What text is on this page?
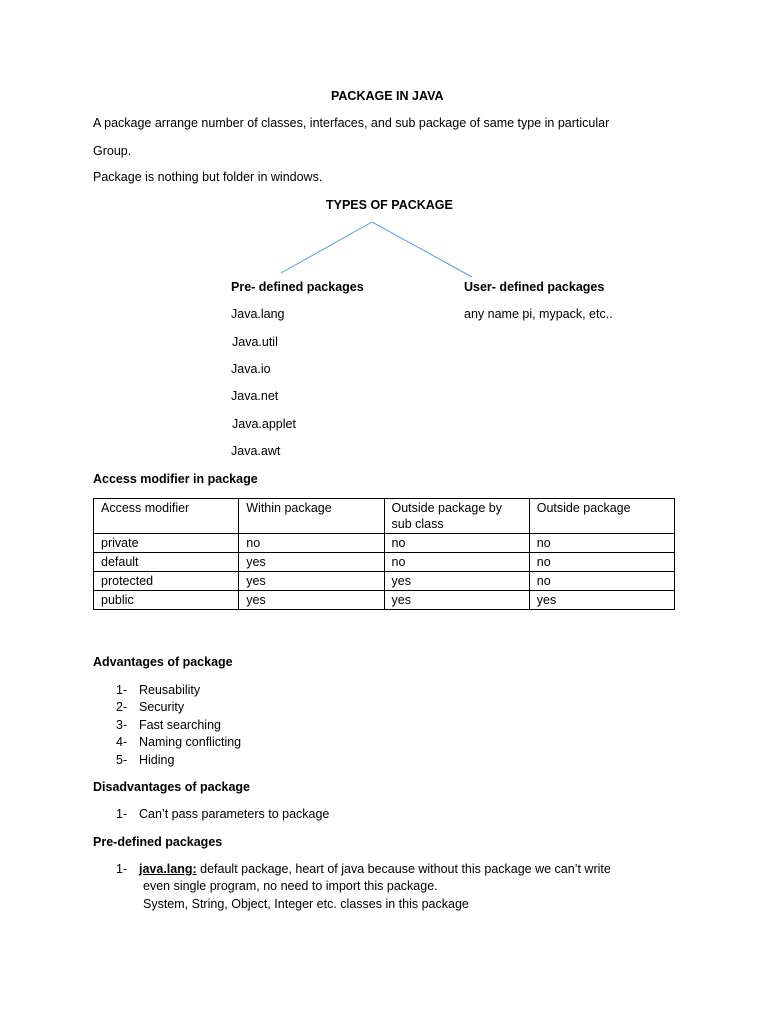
PACKAGE IN JAVA
A package arrange number of classes, interfaces, and sub package of same type in particular
Group.
Package is nothing but folder in windows.
TYPES OF PACKAGE
Pre- defined packages	User- defined packages
Java.lang	any name pi, mypack, etc..
Java.util
Java.io
Java.net
Java.applet
Java.awt
Access modifier in package
Access modifier	Within package	Outside package by sub class	Outside package
private	no	no	no
default	yes	no	no
protected	yes	yes	no
public	yes	yes	yes
Advantages of package
1- Reusability
2- Security
3- Fast searching
4- Naming conflicting
5- Hiding
Disadvantages of package
1- Can’t pass parameters to package
Pre-defined packages
1- java.lang: default package, heart of java because without this package we can’t write
even single program, no need to import this package.
System, String, Object, Integer etc. classes in this package
